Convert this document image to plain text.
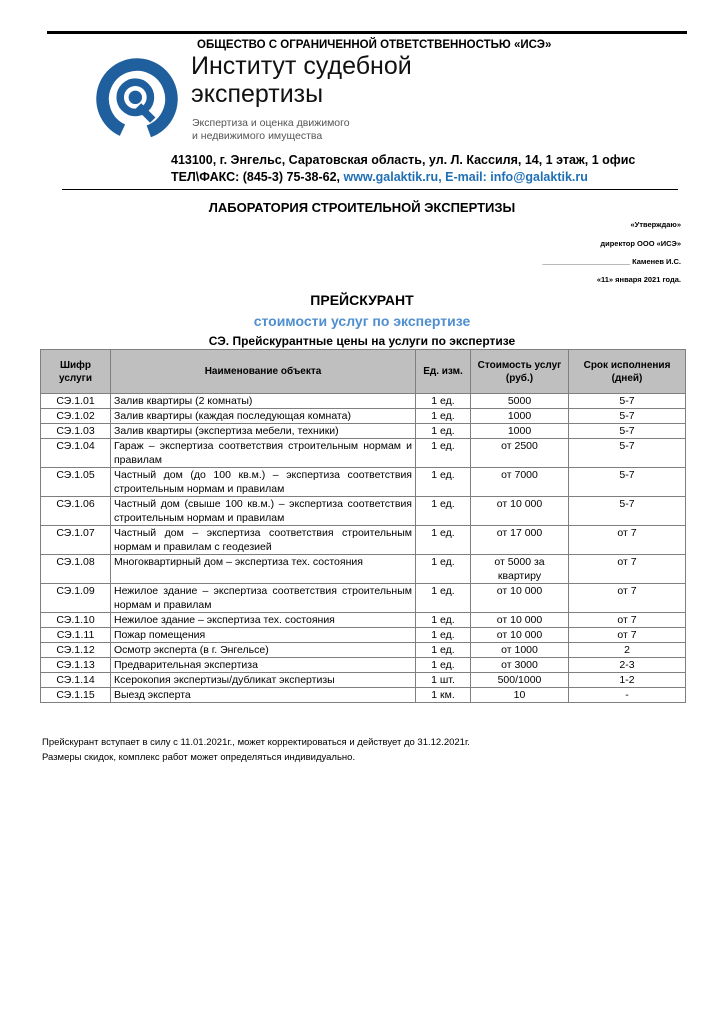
ОБЩЕСТВО С ОГРАНИЧЕННОЙ ОТВЕТСТВЕННОСТЬЮ «ИСЭ»
Институт судебной
экспертизы
Экспертиза и оценка движимого
и недвижимого имущества
413100, г. Энгельс, Саратовская область, ул. Л. Кассиля, 14, 1 этаж, 1 офис
ТЕЛ\ФАКС: (845-3) 75-38-62, www.galaktik.ru, E-mail: info@galaktik.ru
ЛАБОРАТОРИЯ СТРОИТЕЛЬНОЙ ЭКСПЕРТИЗЫ
«Утверждаю»
директор ООО «ИСЭ»
_____________________ Каменев И.С.
«11» января 2021 года.
ПРЕЙСКУРАНТ
стоимости услуг по экспертизе
СЭ. Прейскурантные цены на услуги по экспертизе
Шифр услуги	Наименование объекта	Ед. изм.	Стоимость услуг (руб.)	Срок исполнения (дней)
СЭ.1.01	Залив квартиры (2 комнаты)	1 ед.	5000	5-7
СЭ.1.02	Залив квартиры (каждая последующая комната)	1 ед.	1000	5-7
СЭ.1.03	Залив квартиры (экспертиза мебели, техники)	1 ед.	1000	5-7
СЭ.1.04	Гараж – экспертиза соответствия строительным нормам и правилам	1 ед.	от 2500	5-7
СЭ.1.05	Частный дом (до 100 кв.м.) – экспертиза соответствия строительным нормам и правилам	1 ед.	от 7000	5-7
СЭ.1.06	Частный дом (свыше 100 кв.м.) – экспертиза соответствия строительным нормам и правилам	1 ед.	от 10 000	5-7
СЭ.1.07	Частный дом – экспертиза соответствия строительным нормам и правилам с геодезией	1 ед.	от 17 000	от 7
СЭ.1.08	Многоквартирный дом – экспертиза тех. состояния	1 ед.	от 5000 за квартиру	от 7
СЭ.1.09	Нежилое здание – экспертиза соответствия строительным нормам и правилам	1 ед.	от 10 000	от 7
СЭ.1.10	Нежилое здание – экспертиза тех. состояния	1 ед.	от 10 000	от 7
СЭ.1.11	Пожар помещения	1 ед.	от 10 000	от 7
СЭ.1.12	Осмотр эксперта (в г. Энгельсе)	1 ед.	от 1000	2
СЭ.1.13	Предварительная экспертиза	1 ед.	от 3000	2-3
СЭ.1.14	Ксерокопия экспертизы/дубликат экспертизы	1 шт.	500/1000	1-2
СЭ.1.15	Выезд эксперта	1 км.	10	-
Прейскурант вступает в силу с 11.01.2021г., может корректироваться и действует до 31.12.2021г.
Размеры скидок, комплекс работ может определяться индивидуально.
